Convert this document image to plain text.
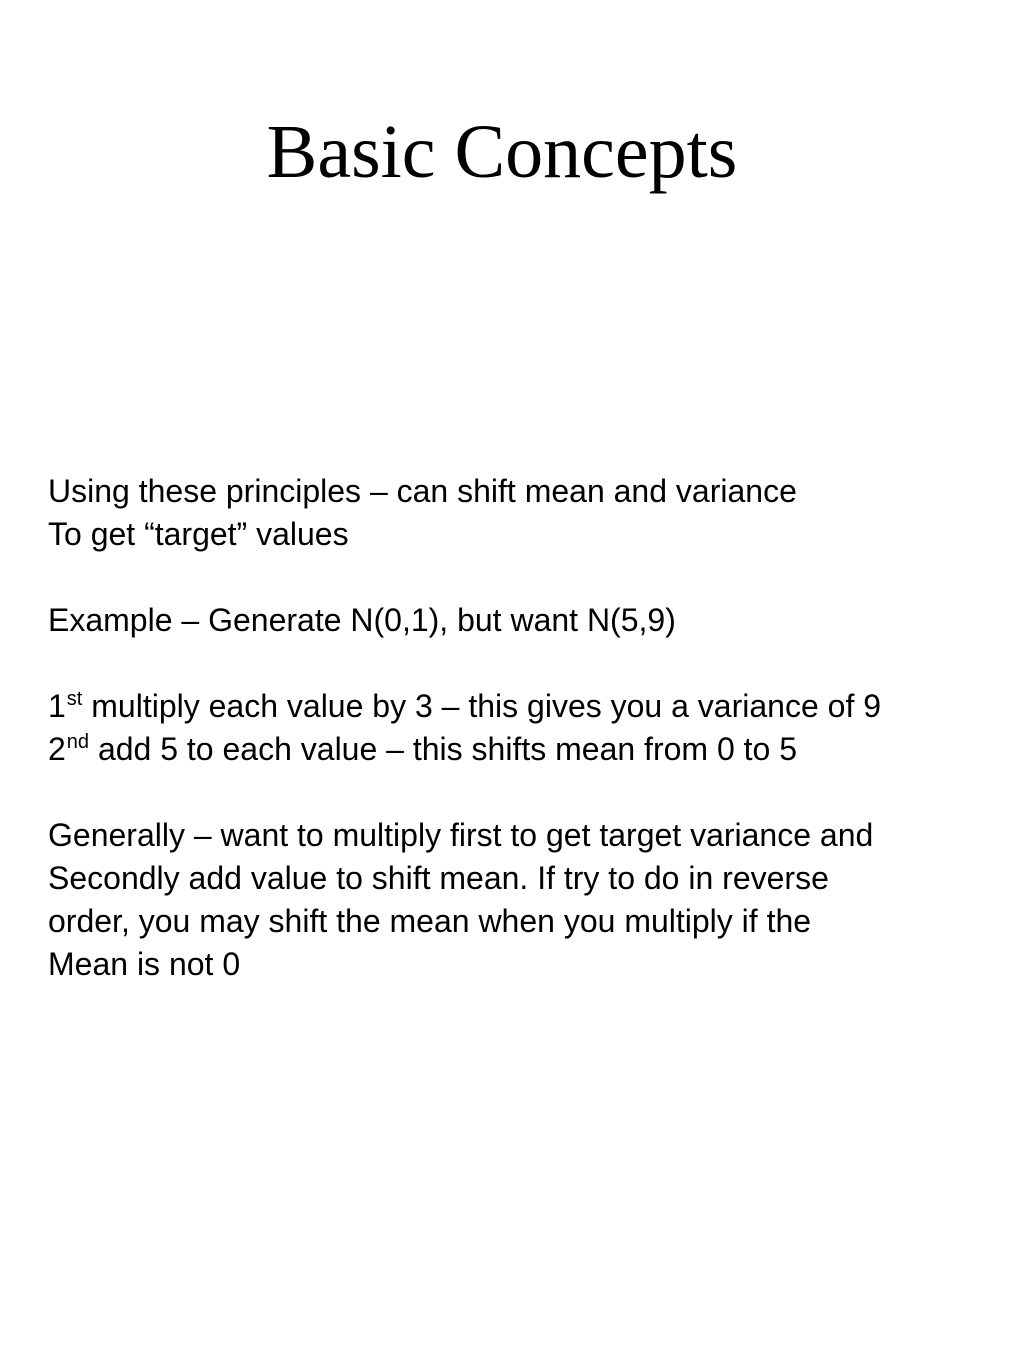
Basic Concepts
Using these principles – can shift mean and variance
To get “target” values
Example – Generate N(0,1), but want N(5,9)
1st multiply each value by 3 – this gives you a variance of 9
2nd add 5 to each value – this shifts mean from 0 to 5
Generally – want to multiply first to get target variance and
Secondly add value to shift mean. If try to do in reverse
order, you may shift the mean when you multiply if the
Mean is not 0
